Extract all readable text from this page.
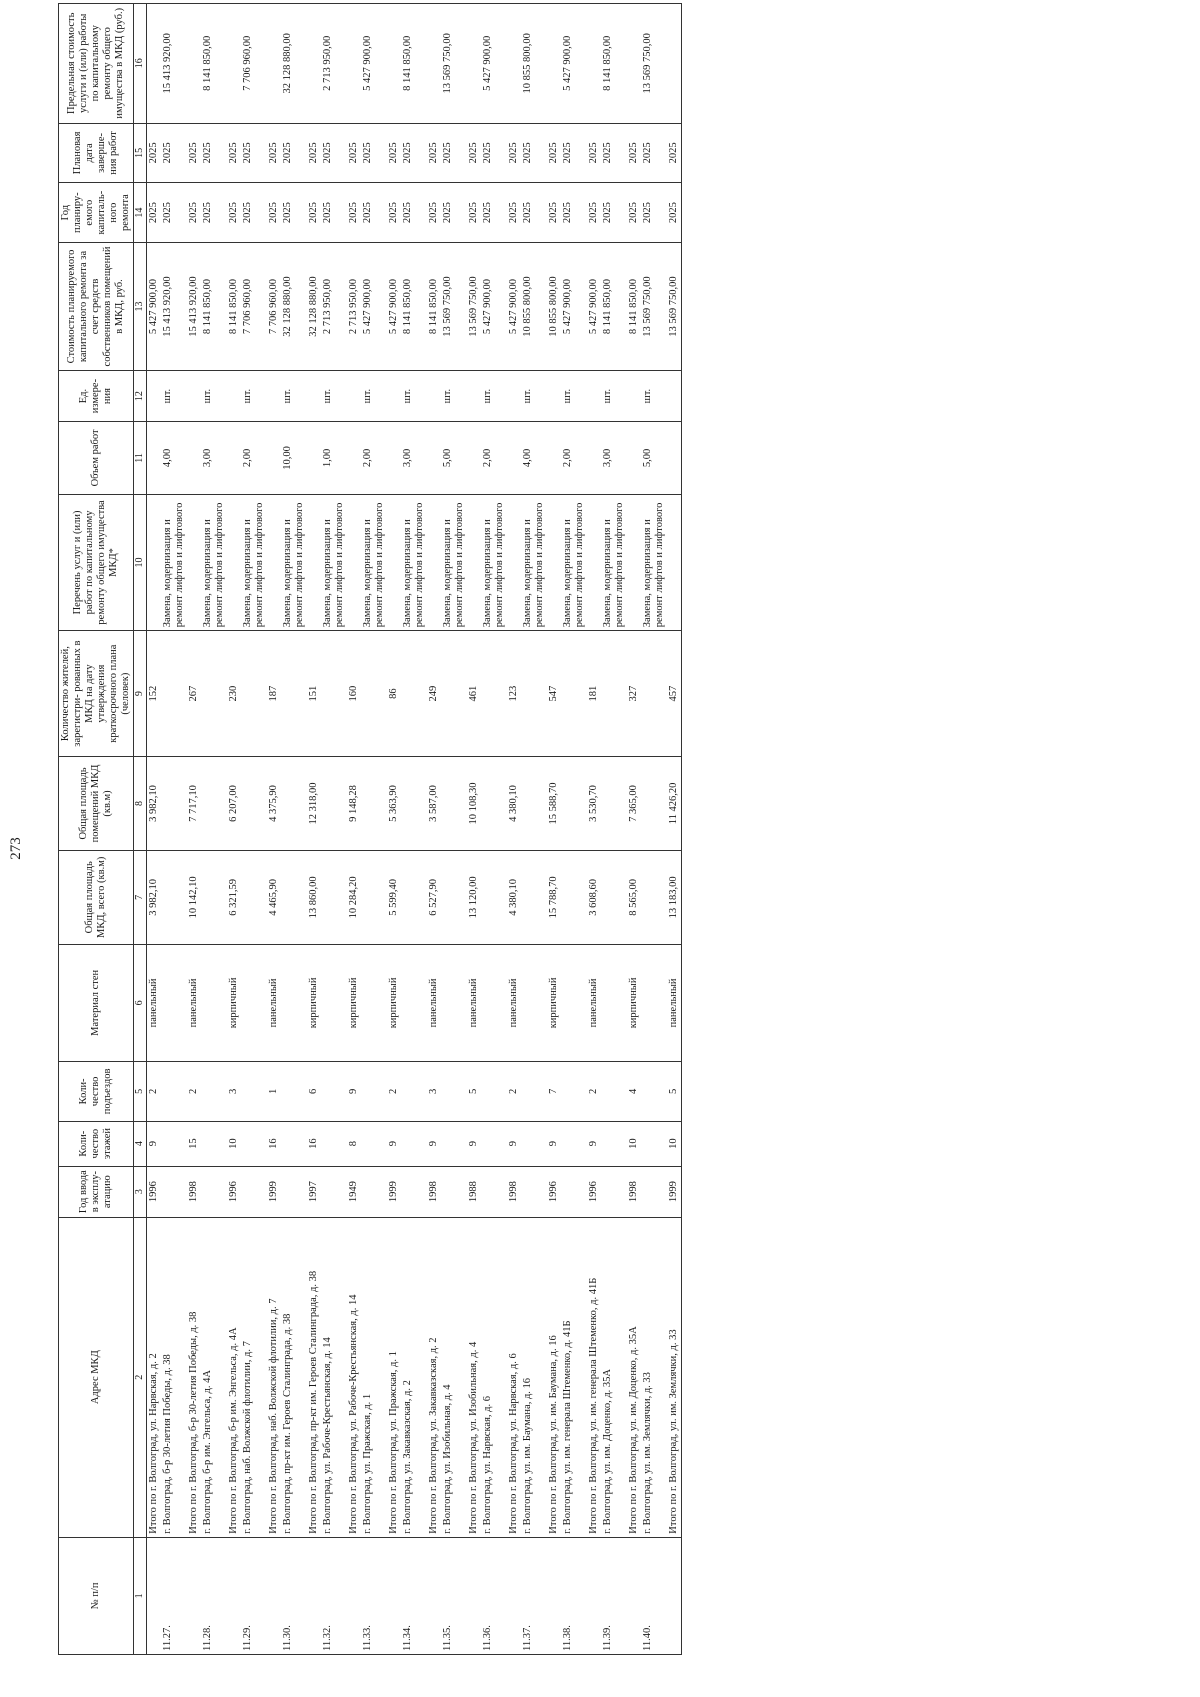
273
№ п/п	Адрес МКД	Год ввода в эксплу- атацию	Коли- чество этажей	Коли- чество подъездов	Материал стен	Общая площадь МКД, всего (кв.м)	Общая площадь помещений МКД (кв.м)	Количество жителей, зарегистри- рованных в МКД на дату утверждения краткосрочного плана (человек)	Перечень услуг и (или) работ по капитальному ремонту общего имущества МКД*	Объем работ	Ед. измере- ния	Стоимость планируемого капитального ремонта за счет средств собственников помещений в МКД, руб.	Год планиру- емого капиталь- ного ремонта	Плановая дата заверше- ния работ	Предельная стоимость услуги и (или) работы по капитальному ремонту общего имущества в МКД (руб.)
1	2	3	4	5	6	7	8	9	10	11	12	13	14	15	16
	Итого по г. Волгоград, ул. Нарвская, д. 2	1996	9	2	панельный	3 982,10	3 982,10	152				5 427 900,00	2025	2025	
11.27.	г. Волгоград, б-р 30-летия Победы, д. 38								Замена, модернизация и ремонт лифтов и лифтового	4,00	шт.	15 413 920,00	2025	2025	15 413 920,00
	Итого по г. Волгоград, б-р 30-летия Победы, д. 38	1998	15	2	панельный	10 142,10	7 717,10	267				15 413 920,00	2025	2025	
11.28.	г. Волгоград, б-р им. Энгельса, д. 4А								Замена, модернизация и ремонт лифтов и лифтового	3,00	шт.	8 141 850,00	2025	2025	8 141 850,00
	Итого по г. Волгоград, б-р им. Энгельса, д. 4А	1996	10	3	кирпичный	6 321,59	6 207,00	230				8 141 850,00	2025	2025	
11.29.	г. Волгоград, наб. Волжской флотилии, д. 7								Замена, модернизация и ремонт лифтов и лифтового	2,00	шт.	7 706 960,00	2025	2025	7 706 960,00
	Итого по г. Волгоград, наб. Волжской флотилии, д. 7	1999	16	1	панельный	4 465,90	4 375,90	187				7 706 960,00	2025	2025	
11.30.	г. Волгоград, пр-кт им. Героев Сталинграда, д. 38								Замена, модернизация и ремонт лифтов и лифтового	10,00	шт.	32 128 880,00	2025	2025	32 128 880,00
	Итого по г. Волгоград, пр-кт им. Героев Сталинграда, д. 38	1997	16	6	кирпичный	13 860,00	12 318,00	151				32 128 880,00	2025	2025	
11.32.	г. Волгоград, ул. Рабоче-Крестьянская, д. 14								Замена, модернизация и ремонт лифтов и лифтового	1,00	шт.	2 713 950,00	2025	2025	2 713 950,00
	Итого по г. Волгоград, ул. Рабоче-Крестьянская, д. 14	1949	8	9	кирпичный	10 284,20	9 148,28	160				2 713 950,00	2025	2025	
11.33.	г. Волгоград, ул. Пражская, д. 1								Замена, модернизация и ремонт лифтов и лифтового	2,00	шт.	5 427 900,00	2025	2025	5 427 900,00
	Итого по г. Волгоград, ул. Пражская, д. 1	1999	9	2	кирпичный	5 599,40	5 363,90	86				5 427 900,00	2025	2025	
11.34.	г. Волгоград, ул. Закавказская, д. 2								Замена, модернизация и ремонт лифтов и лифтового	3,00	шт.	8 141 850,00	2025	2025	8 141 850,00
	Итого по г. Волгоград, ул. Закавказская, д. 2	1998	9	3	панельный	6 527,90	3 587,00	249				8 141 850,00	2025	2025	
11.35.	г. Волгоград, ул. Изобильная, д. 4								Замена, модернизация и ремонт лифтов и лифтового	5,00	шт.	13 569 750,00	2025	2025	13 569 750,00
	Итого по г. Волгоград, ул. Изобильная, д. 4	1988	9	5	панельный	13 120,00	10 108,30	461				13 569 750,00	2025	2025	
11.36.	г. Волгоград, ул. Нарвская, д. 6								Замена, модернизация и ремонт лифтов и лифтового	2,00	шт.	5 427 900,00	2025	2025	5 427 900,00
	Итого по г. Волгоград, ул. Нарвская, д. 6	1998	9	2	панельный	4 380,10	4 380,10	123				5 427 900,00	2025	2025	
11.37.	г. Волгоград, ул. им. Баумана, д. 16								Замена, модернизация и ремонт лифтов и лифтового	4,00	шт.	10 855 800,00	2025	2025	10 855 800,00
	Итого по г. Волгоград, ул. им. Баумана, д. 16	1996	9	7	кирпичный	15 788,70	15 588,70	547				10 855 800,00	2025	2025	
11.38.	г. Волгоград, ул. им. генерала Штеменко, д. 41Б								Замена, модернизация и ремонт лифтов и лифтового	2,00	шт.	5 427 900,00	2025	2025	5 427 900,00
	Итого по г. Волгоград, ул. им. генерала Штеменко, д. 41Б	1996	9	2	панельный	3 608,60	3 530,70	181				5 427 900,00	2025	2025	
11.39.	г. Волгоград, ул. им. Доценко, д. 35А								Замена, модернизация и ремонт лифтов и лифтового	3,00	шт.	8 141 850,00	2025	2025	8 141 850,00
	Итого по г. Волгоград, ул. им. Доценко, д. 35А	1998	10	4	кирпичный	8 565,00	7 365,00	327				8 141 850,00	2025	2025	
11.40.	г. Волгоград, ул. им. Землячки, д. 33								Замена, модернизация и ремонт лифтов и лифтового	5,00	шт.	13 569 750,00	2025	2025	13 569 750,00
	Итого по г. Волгоград, ул. им. Землячки, д. 33	1999	10	5	панельный	13 183,00	11 426,20	457				13 569 750,00	2025	2025	
